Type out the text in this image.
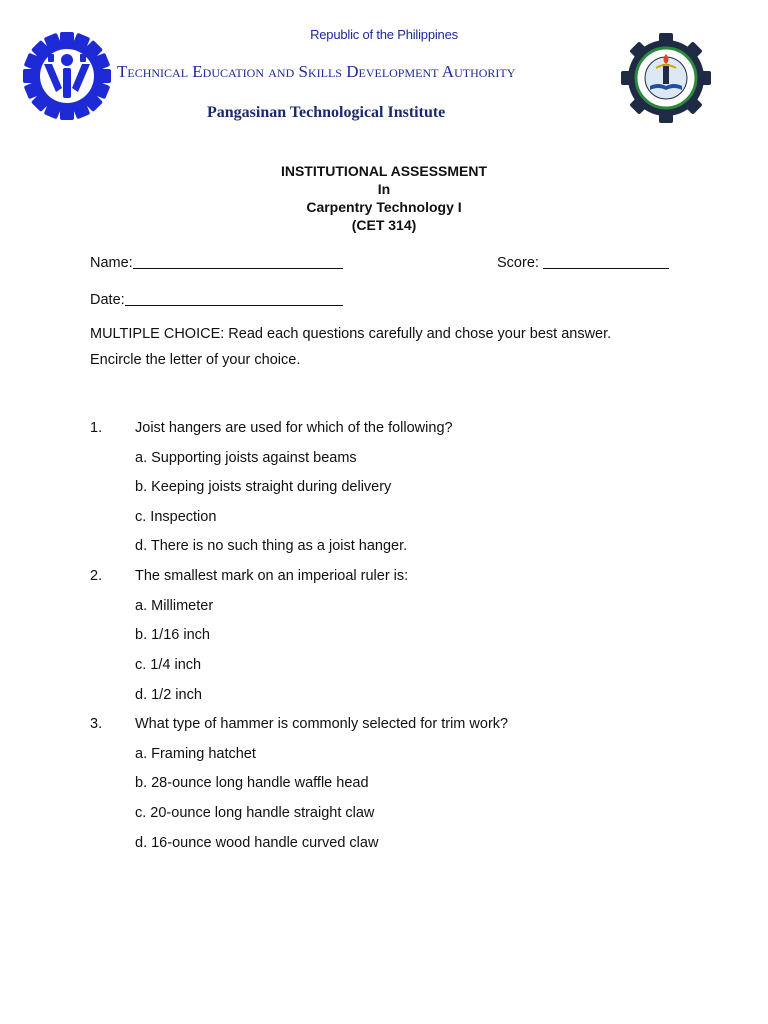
Republic of the Philippines
Technical Education and Skills Development Authority
Pangasinan Technological Institute
INSTITUTIONAL ASSESSMENT
In
Carpentry Technology I
(CET 314)
Name:	Score:
Date:
MULTIPLE CHOICE: Read each questions carefully and chose your best answer.
Encircle the letter of your choice.
1. Joist hangers are used for which of the following?
a. Supporting joists against beams
b. Keeping joists straight during delivery
c. Inspection
d. There is no such thing as a joist hanger.
2. The smallest mark on an imperioal ruler is:
a. Millimeter
b. 1/16 inch
c. 1/4 inch
d. 1/2 inch
3. What type of hammer is commonly selected for trim work?
a. Framing hatchet
b. 28-ounce long handle waffle head
c. 20-ounce long handle straight claw
d. 16-ounce wood handle curved claw
